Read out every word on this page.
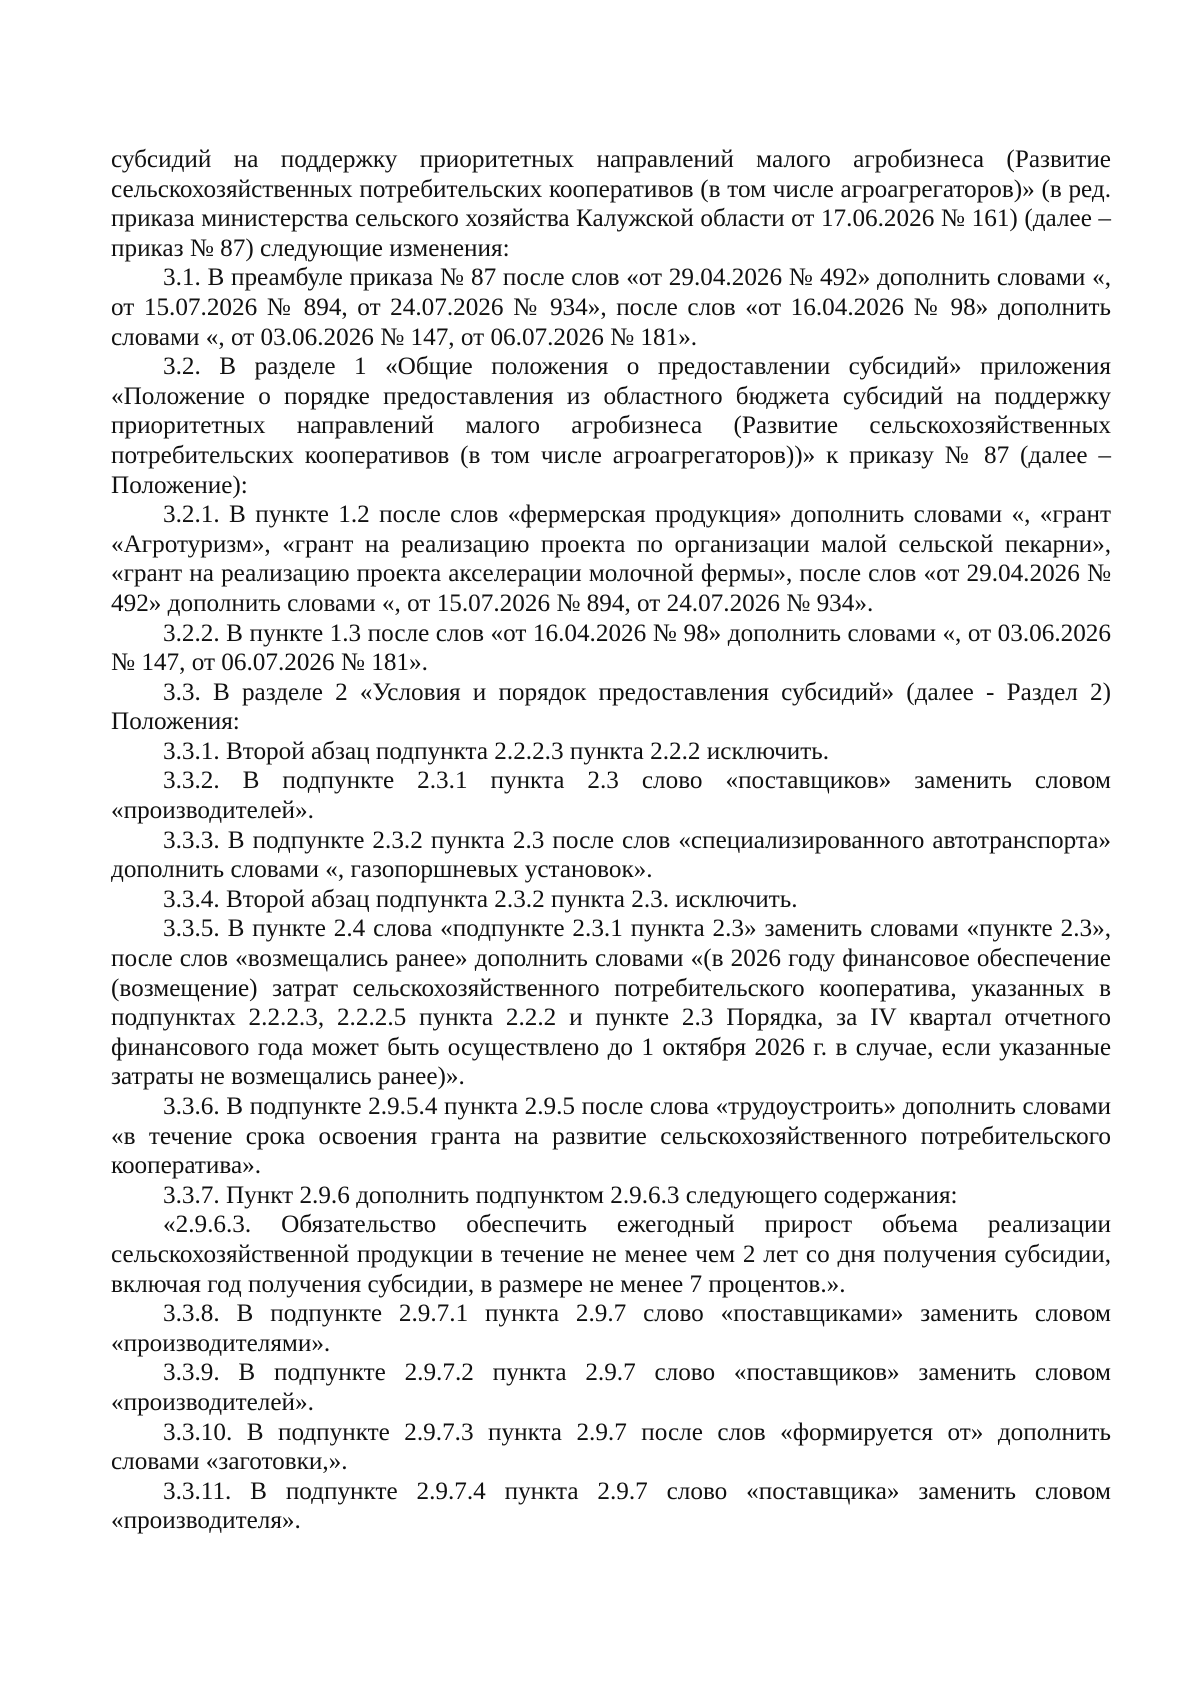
субсидий на поддержку приоритетных направлений малого агробизнеса (Развитие сельскохозяйственных потребительских кооперативов (в том числе агроагрегаторов)» (в ред. приказа министерства сельского хозяйства Калужской области от 17.06.2026 № 161) (далее – приказ № 87) следующие изменения:

3.1. В преамбуле приказа № 87 после слов «от 29.04.2026 № 492» дополнить словами «, от 15.07.2026 № 894, от 24.07.2026 № 934», после слов «от 16.04.2026 № 98» дополнить словами «, от 03.06.2026 № 147, от 06.07.2026 № 181».

3.2. В разделе 1 «Общие положения о предоставлении субсидий» приложения «Положение о порядке предоставления из областного бюджета субсидий на поддержку приоритетных направлений малого агробизнеса (Развитие сельскохозяйственных потребительских кооперативов (в том числе агроагрегаторов))» к приказу № 87 (далее – Положение):

3.2.1. В пункте 1.2 после слов «фермерская продукция» дополнить словами «, «грант «Агротуризм», «грант на реализацию проекта по организации малой сельской пекарни», «грант на реализацию проекта акселерации молочной фермы», после слов «от 29.04.2026 № 492» дополнить словами «, от 15.07.2026 № 894, от 24.07.2026 № 934».

3.2.2. В пункте 1.3 после слов «от 16.04.2026 № 98» дополнить словами «, от 03.06.2026 № 147, от 06.07.2026 № 181».

3.3. В разделе 2 «Условия и порядок предоставления субсидий» (далее - Раздел 2) Положения:

3.3.1. Второй абзац подпункта 2.2.2.3 пункта 2.2.2 исключить.

3.3.2. В подпункте 2.3.1 пункта 2.3 слово «поставщиков» заменить словом «производителей».

3.3.3. В подпункте 2.3.2 пункта 2.3 после слов «специализированного автотранспорта» дополнить словами «, газопоршневых установок».

3.3.4. Второй абзац подпункта 2.3.2 пункта 2.3. исключить.

3.3.5. В пункте 2.4 слова «подпункте 2.3.1 пункта 2.3» заменить словами «пункте 2.3», после слов «возмещались ранее» дополнить словами «(в 2026 году финансовое обеспечение (возмещение) затрат сельскохозяйственного потребительского кооператива, указанных в подпунктах 2.2.2.3, 2.2.2.5 пункта 2.2.2 и пункте 2.3 Порядка, за IV квартал отчетного финансового года может быть осуществлено до 1 октября 2026 г. в случае, если указанные затраты не возмещались ранее)».

3.3.6. В подпункте 2.9.5.4 пункта 2.9.5 после слова «трудоустроить» дополнить словами «в течение срока освоения гранта на развитие сельскохозяйственного потребительского кооператива».

3.3.7. Пункт 2.9.6 дополнить подпунктом 2.9.6.3 следующего содержания:

«2.9.6.3. Обязательство обеспечить ежегодный прирост объема реализации сельскохозяйственной продукции в течение не менее чем 2 лет со дня получения субсидии, включая год получения субсидии, в размере не менее 7 процентов.».

3.3.8. В подпункте 2.9.7.1 пункта 2.9.7 слово «поставщиками» заменить словом «производителями».

3.3.9. В подпункте 2.9.7.2 пункта 2.9.7 слово «поставщиков» заменить словом «производителей».

3.3.10. В подпункте 2.9.7.3 пункта 2.9.7 после слов «формируется от» дополнить словами «заготовки,».

3.3.11. В подпункте 2.9.7.4 пункта 2.9.7 слово «поставщика» заменить словом «производителя».
